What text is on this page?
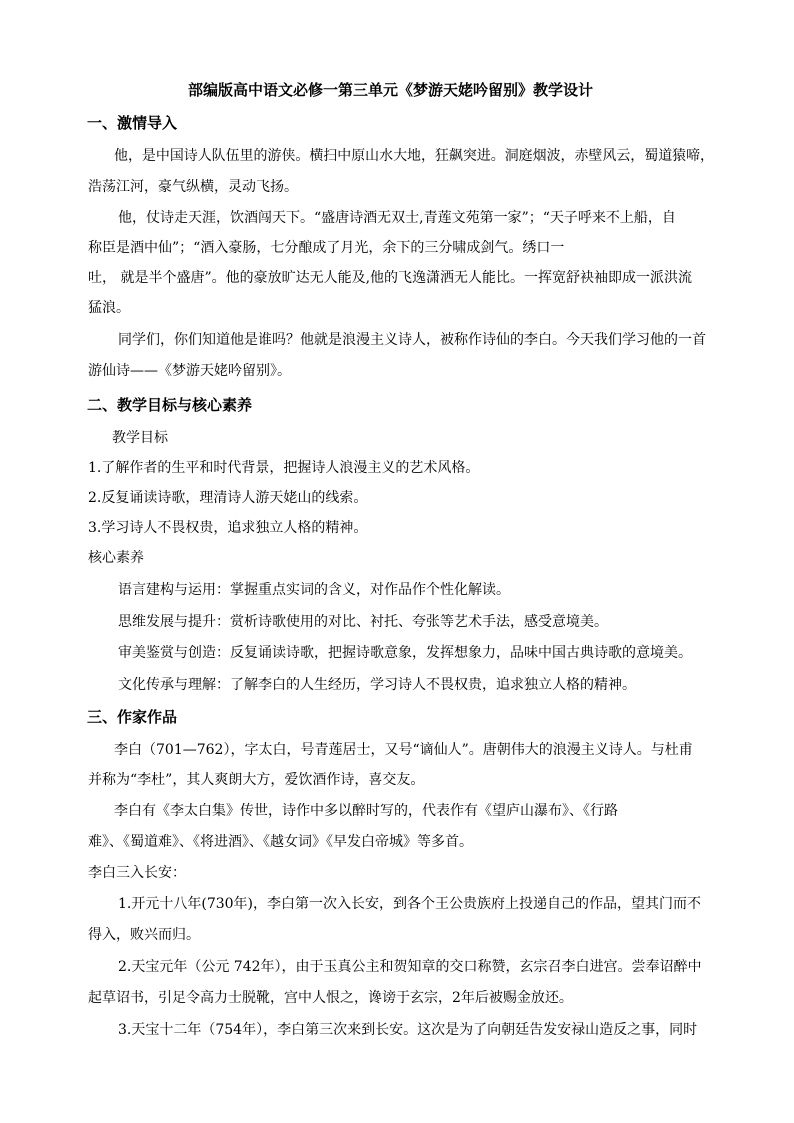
部编版高中语文必修一第三单元《梦游天姥吟留别》教学设计
一、激情导入
他，是中国诗人队伍里的游侠。横扫中原山水大地，狂飙突进。洞庭烟波，赤壁风云，蜀道猿啼，
浩荡江河，豪气纵横，灵动飞扬。
他，仗诗走天涯，饮酒闯天下。“盛唐诗酒无双士,青莲文苑第一家”；“天子呼来不上船，自
称臣是酒中仙”；“酒入豪肠，七分酿成了月光，余下的三分啸成剑气。绣口一
吐， 就是半个盛唐”。他的豪放旷达无人能及,他的飞逸潇洒无人能比。一挥宽舒袂袖即成一派洪流
猛浪。
同学们，你们知道他是谁吗？他就是浪漫主义诗人，被称作诗仙的李白。今天我们学习他的一首
游仙诗——《梦游天姥吟留别》。
二、教学目标与核心素养
教学目标
1.了解作者的生平和时代背景，把握诗人浪漫主义的艺术风格。
2.反复诵读诗歌，理清诗人游天姥山的线索。
3.学习诗人不畏权贵，追求独立人格的精神。
核心素养
语言建构与运用：掌握重点实词的含义，对作品作个性化解读。
思维发展与提升：赏析诗歌使用的对比、衬托、夸张等艺术手法，感受意境美。
审美鉴赏与创造：反复诵读诗歌，把握诗歌意象，发挥想象力，品味中国古典诗歌的意境美。
文化传承与理解：了解李白的人生经历，学习诗人不畏权贵，追求独立人格的精神。
三、作家作品
李白（701—762），字太白，号青莲居士，又号“谪仙人”。唐朝伟大的浪漫主义诗人。与杜甫
并称为“李杜”，其人爽朗大方，爱饮酒作诗，喜交友。
李白有《李太白集》传世，诗作中多以醉时写的，代表作有《望庐山瀑布》、《行路
难》、《蜀道难》、《将进酒》、《越女词》《早发白帝城》等多首。
李白三入长安：
1.开元十八年(730年)，李白第一次入长安，到各个王公贵族府上投递自己的作品，望其门而不
得入，败兴而归。
2.天宝元年（公元 742年），由于玉真公主和贺知章的交口称赞，玄宗召李白进宫。尝奉诏醉中
起草诏书，引足令高力士脱靴，宫中人恨之，谗谤于玄宗，2年后被赐金放还。
3.天宝十二年（754年），李白第三次来到长安。这次是为了向朝廷告发安禄山造反之事，同时
